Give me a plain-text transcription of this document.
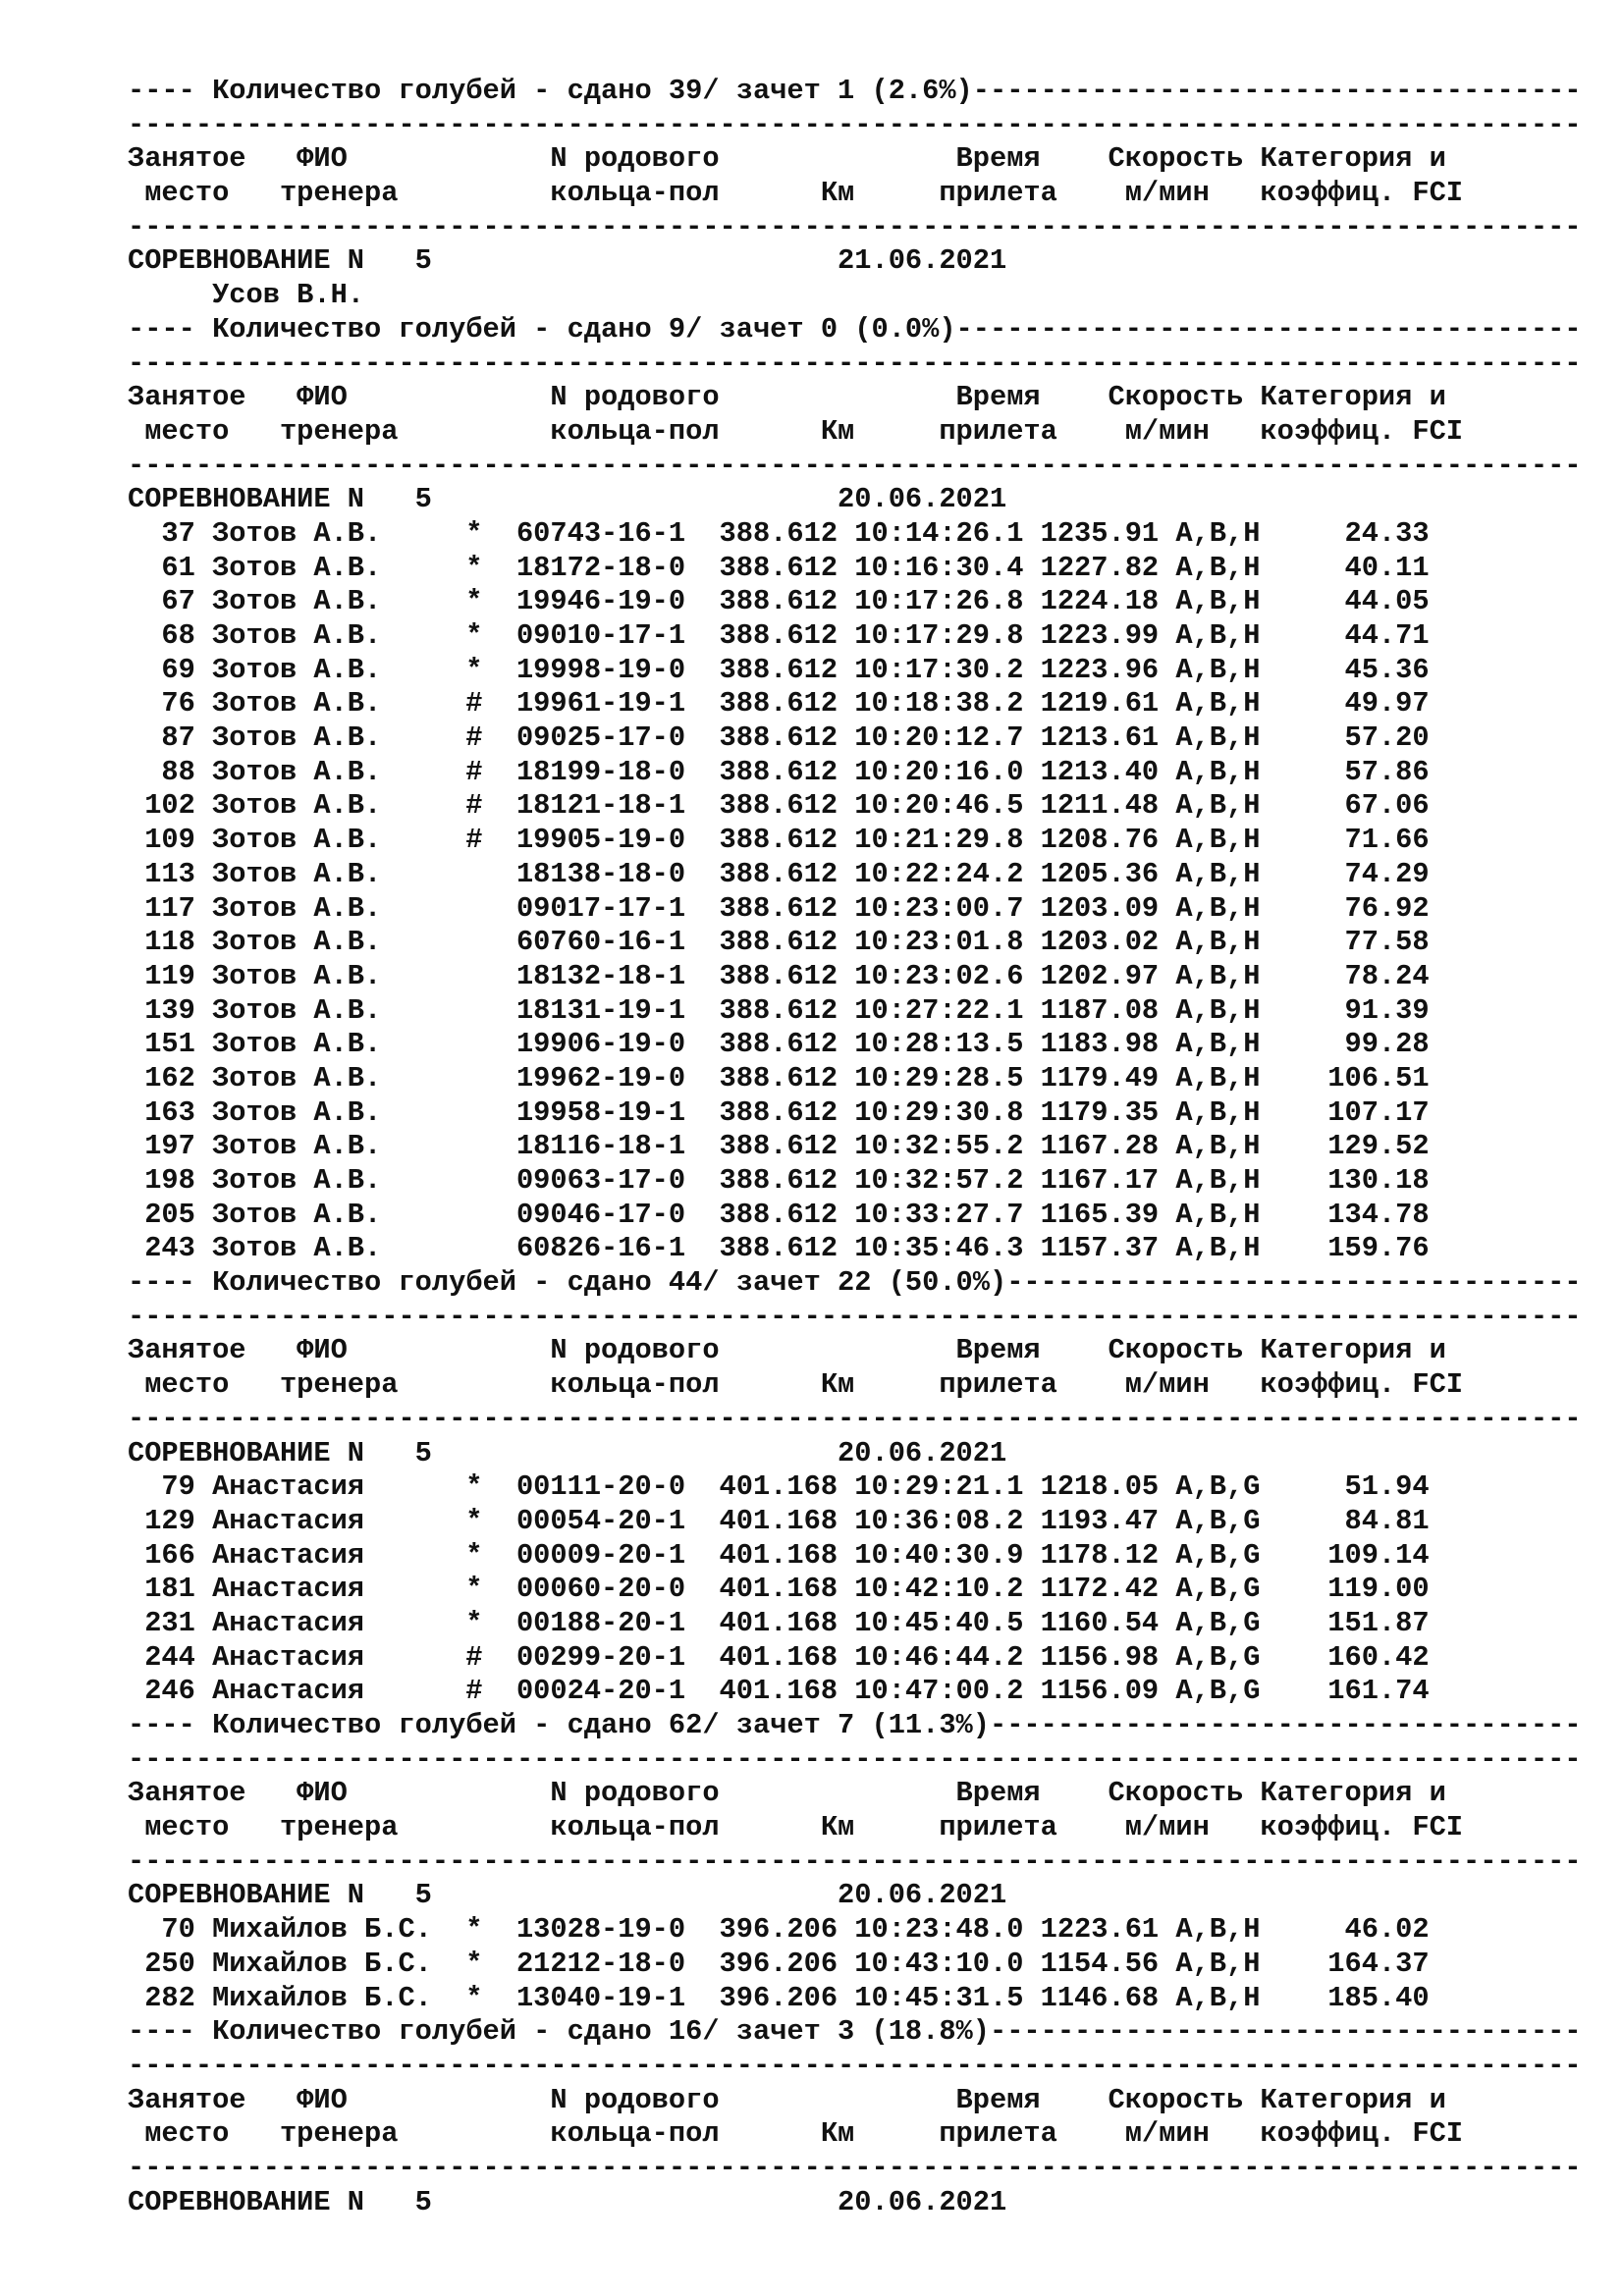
---- Количество голубей - сдано 39/ зачет 1 (2.6%)------------------------------------
--------------------------------------------------------------------------------------
Занятое   ФИО            N родового              Время    Скорость Категория и
место   тренера         кольца-пол      Км     прилета    м/мин   коэффиц. FCI
--------------------------------------------------------------------------------------
СОРЕВНОВАНИЕ N   5                        21.06.2021
Усов В.Н.
---- Количество голубей - сдано 9/ зачет 0 (0.0%)-------------------------------------
--------------------------------------------------------------------------------------
Занятое   ФИО            N родового              Время    Скорость Категория и
место   тренера         кольца-пол      Км     прилета    м/мин   коэффиц. FCI
--------------------------------------------------------------------------------------
СОРЕВНОВАНИЕ N   5                        20.06.2021
37 Зотов А.В.     *  60743-16-1  388.612 10:14:26.1 1235.91 A,B,H     24.33
61 Зотов А.В.     *  18172-18-0  388.612 10:16:30.4 1227.82 A,B,H     40.11
67 Зотов А.В.     *  19946-19-0  388.612 10:17:26.8 1224.18 A,B,H     44.05
68 Зотов А.В.     *  09010-17-1  388.612 10:17:29.8 1223.99 A,B,H     44.71
69 Зотов А.В.     *  19998-19-0  388.612 10:17:30.2 1223.96 A,B,H     45.36
76 Зотов А.В.     #  19961-19-1  388.612 10:18:38.2 1219.61 A,B,H     49.97
87 Зотов А.В.     #  09025-17-0  388.612 10:20:12.7 1213.61 A,B,H     57.20
88 Зотов А.В.     #  18199-18-0  388.612 10:20:16.0 1213.40 A,B,H     57.86
102 Зотов А.В.     #  18121-18-1  388.612 10:20:46.5 1211.48 A,B,H     67.06
109 Зотов А.В.     #  19905-19-0  388.612 10:21:29.8 1208.76 A,B,H     71.66
113 Зотов А.В.        18138-18-0  388.612 10:22:24.2 1205.36 A,B,H     74.29
117 Зотов А.В.        09017-17-1  388.612 10:23:00.7 1203.09 A,B,H     76.92
118 Зотов А.В.        60760-16-1  388.612 10:23:01.8 1203.02 A,B,H     77.58
119 Зотов А.В.        18132-18-1  388.612 10:23:02.6 1202.97 A,B,H     78.24
139 Зотов А.В.        18131-19-1  388.612 10:27:22.1 1187.08 A,B,H     91.39
151 Зотов А.В.        19906-19-0  388.612 10:28:13.5 1183.98 A,B,H     99.28
162 Зотов А.В.        19962-19-0  388.612 10:29:28.5 1179.49 A,B,H    106.51
163 Зотов А.В.        19958-19-1  388.612 10:29:30.8 1179.35 A,B,H    107.17
197 Зотов А.В.        18116-18-1  388.612 10:32:55.2 1167.28 A,B,H    129.52
198 Зотов А.В.        09063-17-0  388.612 10:32:57.2 1167.17 A,B,H    130.18
205 Зотов А.В.        09046-17-0  388.612 10:33:27.7 1165.39 A,B,H    134.78
243 Зотов А.В.        60826-16-1  388.612 10:35:46.3 1157.37 A,B,H    159.76
---- Количество голубей - сдано 44/ зачет 22 (50.0%)----------------------------------
--------------------------------------------------------------------------------------
Занятое   ФИО            N родового              Время    Скорость Категория и
место   тренера         кольца-пол      Км     прилета    м/мин   коэффиц. FCI
--------------------------------------------------------------------------------------
СОРЕВНОВАНИЕ N   5                        20.06.2021
79 Анастасия      *  00111-20-0  401.168 10:29:21.1 1218.05 A,B,G     51.94
129 Анастасия      *  00054-20-1  401.168 10:36:08.2 1193.47 A,B,G     84.81
166 Анастасия      *  00009-20-1  401.168 10:40:30.9 1178.12 A,B,G    109.14
181 Анастасия      *  00060-20-0  401.168 10:42:10.2 1172.42 A,B,G    119.00
231 Анастасия      *  00188-20-1  401.168 10:45:40.5 1160.54 A,B,G    151.87
244 Анастасия      #  00299-20-1  401.168 10:46:44.2 1156.98 A,B,G    160.42
246 Анастасия      #  00024-20-1  401.168 10:47:00.2 1156.09 A,B,G    161.74
---- Количество голубей - сдано 62/ зачет 7 (11.3%)-----------------------------------
--------------------------------------------------------------------------------------
Занятое   ФИО            N родового              Время    Скорость Категория и
место   тренера         кольца-пол      Км     прилета    м/мин   коэффиц. FCI
--------------------------------------------------------------------------------------
СОРЕВНОВАНИЕ N   5                        20.06.2021
70 Михайлов Б.С.  *  13028-19-0  396.206 10:23:48.0 1223.61 A,B,H     46.02
250 Михайлов Б.С.  *  21212-18-0  396.206 10:43:10.0 1154.56 A,B,H    164.37
282 Михайлов Б.С.  *  13040-19-1  396.206 10:45:31.5 1146.68 A,B,H    185.40
---- Количество голубей - сдано 16/ зачет 3 (18.8%)-----------------------------------
--------------------------------------------------------------------------------------
Занятое   ФИО            N родового              Время    Скорость Категория и
место   тренера         кольца-пол      Км     прилета    м/мин   коэффиц. FCI
--------------------------------------------------------------------------------------
СОРЕВНОВАНИЕ N   5                        20.06.2021
